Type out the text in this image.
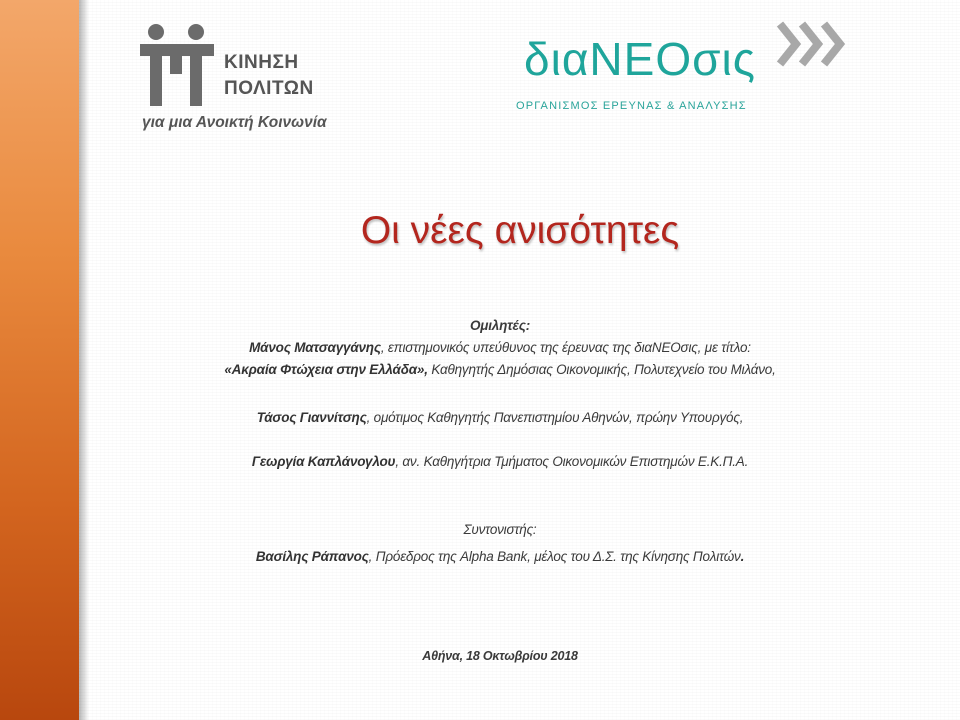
ΚΙΝΗΣΗ
ΠΟΛΙΤΩΝ
για μια Ανοικτή Κοινωνία
διαNEOσις
ΟΡΓΑΝΙΣΜΟΣ ΕΡΕΥΝΑΣ & ΑΝΑΛΥΣΗΣ
Οι νέες ανισότητες
Ομιλητές:
Μάνος Ματσαγγάνης, επιστημονικός υπεύθυνος της έρευνας της διαNEOσις, με τίτλο:
«Ακραία Φτώχεια στην Ελλάδα», Καθηγητής Δημόσιας Οικονομικής, Πολυτεχνείο του Μιλάνο,
Τάσος Γιαννίτσης, ομότιμος Καθηγητής Πανεπιστημίου Αθηνών, πρώην Υπουργός,
Γεωργία Καπλάνογλου, αν. Καθηγήτρια Τμήματος Οικονομικών Επιστημών Ε.Κ.Π.Α.
Συντονιστής:
Βασίλης Ράπανος, Πρόεδρος της Alpha Bank, μέλος του Δ.Σ. της Κίνησης Πολιτών.
Αθήνα, 18 Οκτωβρίου 2018
